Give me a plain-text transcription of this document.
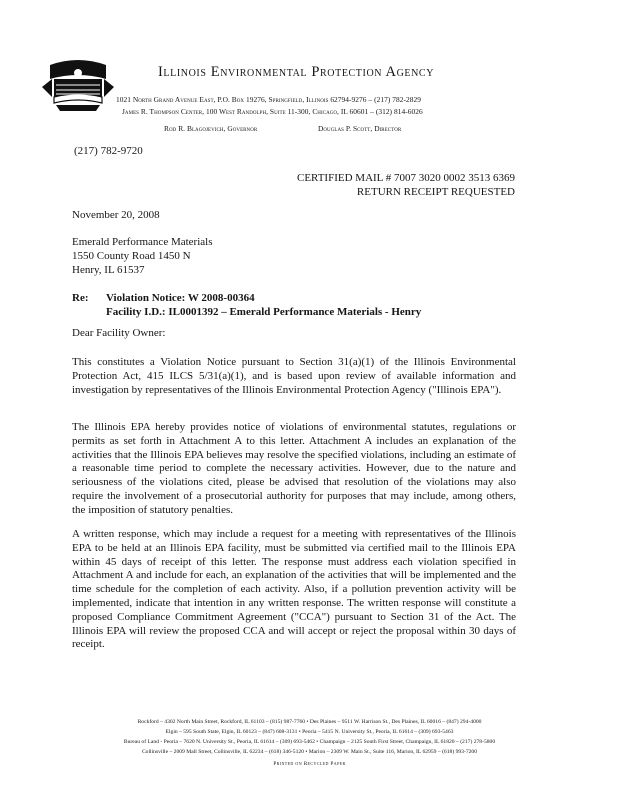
Illinois Environmental Protection Agency
1021 North Grand Avenue East, P.O. Box 19276, Springfield, Illinois 62794-9276 – (217) 782-2829
James R. Thompson Center, 100 West Randolph, Suite 11-300, Chicago, IL 60601 – (312) 814-6026
Rod R. Blagojevich, Governor	Douglas P. Scott, Director
(217) 782-9720
CERTIFIED MAIL # 7007 3020 0002 3513 6369
RETURN RECEIPT REQUESTED
November 20, 2008
Emerald Performance Materials
1550 County Road 1450 N
Henry, IL 61537
Re: Violation Notice: W 2008-00364
Facility I.D.: IL0001392 – Emerald Performance Materials - Henry
Dear Facility Owner:

This constitutes a Violation Notice pursuant to Section 31(a)(1) of the Illinois Environmental Protection Act, 415 ILCS 5/31(a)(1), and is based upon review of available information and investigation by representatives of the Illinois Environmental Protection Agency ("Illinois EPA").

The Illinois EPA hereby provides notice of violations of environmental statutes, regulations or permits as set forth in Attachment A to this letter. Attachment A includes an explanation of the activities that the Illinois EPA believes may resolve the specified violations, including an estimate of a reasonable time period to complete the necessary activities. However, due to the nature and seriousness of the violations cited, please be advised that resolution of the violations may also require the involvement of a prosecutorial authority for purposes that may include, among others, the imposition of statutory penalties.

A written response, which may include a request for a meeting with representatives of the Illinois EPA to be held at an Illinois EPA facility, must be submitted via certified mail to the Illinois EPA within 45 days of receipt of this letter. The response must address each violation specified in Attachment A and include for each, an explanation of the activities that will be implemented and the time schedule for the completion of each activity. Also, if a pollution prevention activity will be implemented, indicate that intention in any written response. The written response will constitute a proposed Compliance Commitment Agreement ("CCA") pursuant to Section 31 of the Act. The Illinois EPA will review the proposed CCA and will accept or reject the proposal within 30 days of receipt.

Rockford – 4302 North Main Street, Rockford, IL 61103 – (815) 987-7760 • Des Plaines – 9511 W. Harrison St., Des Plaines, IL 60016 – (847) 294-4000
Elgin – 595 South State, Elgin, IL 60123 – (847) 608-3131 • Peoria – 5415 N. University St., Peoria, IL 61614 – (309) 693-5463
Bureau of Land - Peoria – 7620 N. University St., Peoria, IL 61614 – (309) 693-5462 • Champaign – 2125 South First Street, Champaign, IL 61820 – (217) 278-5800
Collinsville – 2009 Mall Street, Collinsville, IL 62234 – (618) 346-5120 • Marion – 2309 W. Main St., Suite 116, Marion, IL 62959 – (618) 993-7200
Printed on Recycled Paper
